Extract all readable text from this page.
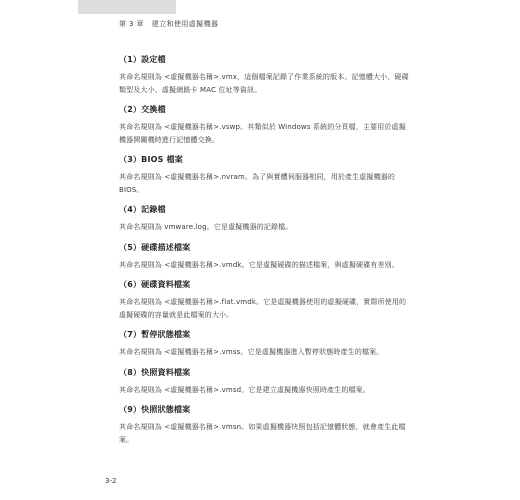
第 3 章 建立和使用虛擬機器
（1）設定檔
其命名規則為 <虛擬機器名稱>.vmx，這個檔案記錄了作業系統的版本、記憶體大小、硬碟類型及大小、虛擬網路卡 MAC 位址等資訊。
（2）交換檔
其命名規則為 <虛擬機器名稱>.vswp。其類似於 Windows 系統的分頁檔，主要用於虛擬機器開關機時進行記憶體交換。
（3）BIOS 檔案
其命名規則為 <虛擬機器名稱>.nvram。為了與實體伺服器相同，用於產生虛擬機器的 BIOS。
（4）記錄檔
其命名規則為 vmware.log。它是虛擬機器的記錄檔。
（5）硬碟描述檔案
其命名規則為 <虛擬機器名稱>.vmdk。它是虛擬硬碟的描述檔案，與虛擬硬碟有差別。
（6）硬碟資料檔案
其命名規則為 <虛擬機器名稱>.flat.vmdk。它是虛擬機器使用的虛擬硬碟，實際所使用的虛擬硬碟的容量就是此檔案的大小。
（7）暫停狀態檔案
其命名規則為 <虛擬機器名稱>.vmss。它是虛擬機器進入暫停狀態時產生的檔案。
（8）快照資料檔案
其命名規則為 <虛擬機器名稱>.vmsd。它是建立虛擬機器快照時產生的檔案。
（9）快照狀態檔案
其命名規則為 <虛擬機器名稱>.vmsn。如果虛擬機器快照包括記憶體狀態，就會產生此檔案。
3-2
